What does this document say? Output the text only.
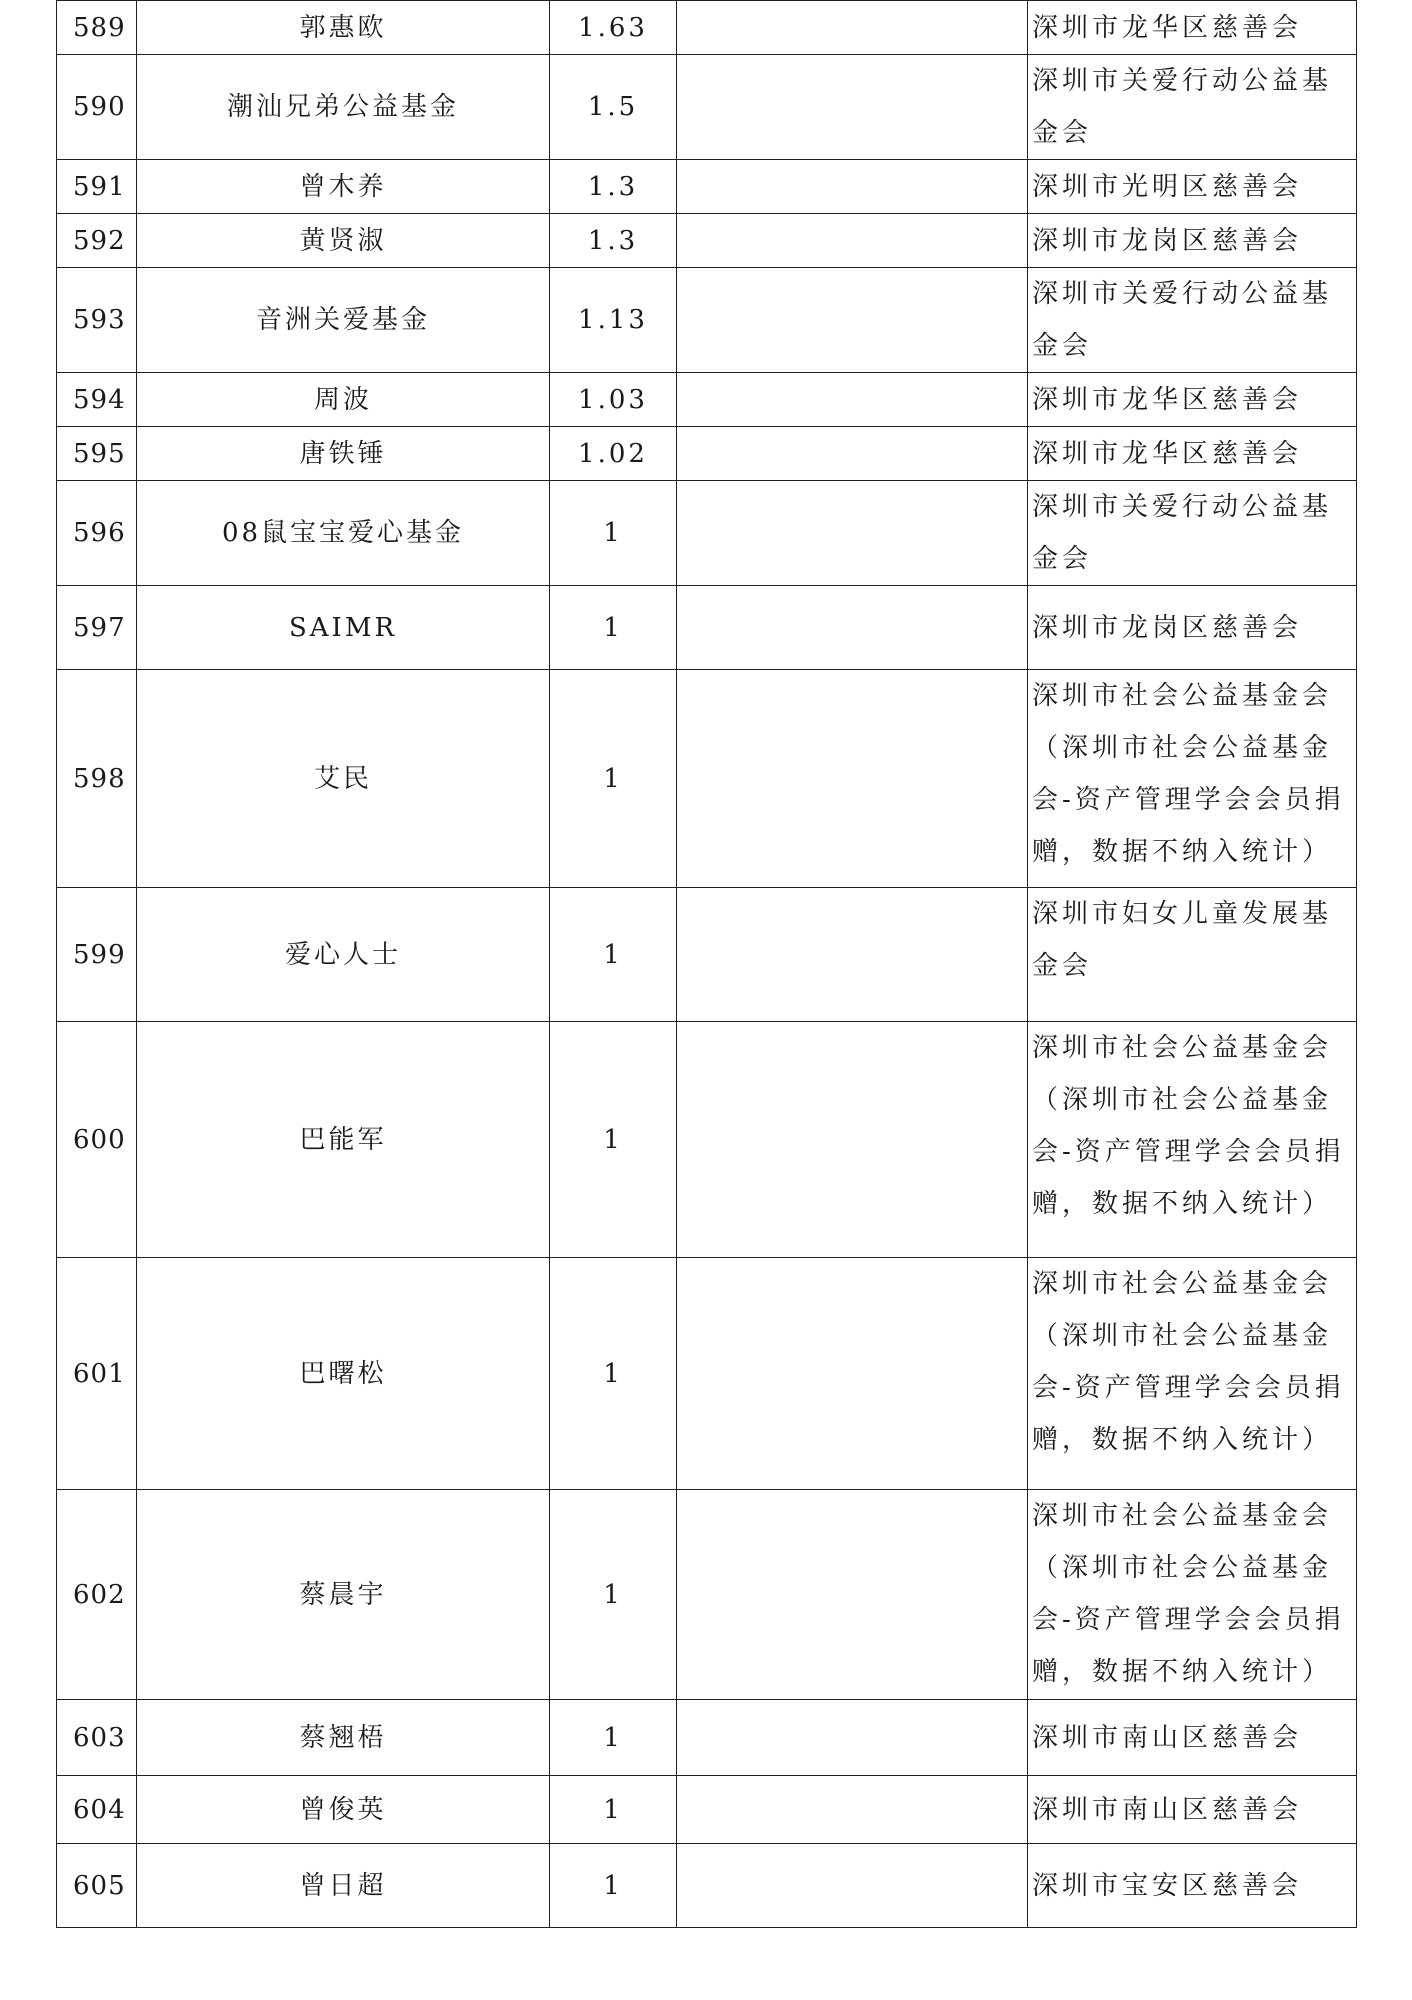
589	郭惠欧	1.63		深圳市龙华区慈善会
590	潮汕兄弟公益基金	1.5		深圳市关爱行动公益基金会
591	曾木养	1.3		深圳市光明区慈善会
592	黄贤淑	1.3		深圳市龙岗区慈善会
593	音洲关爱基金	1.13		深圳市关爱行动公益基金会
594	周波	1.03		深圳市龙华区慈善会
595	唐铁锤	1.02		深圳市龙华区慈善会
596	08鼠宝宝爱心基金	1		深圳市关爱行动公益基金会
597	SAIMR	1		深圳市龙岗区慈善会
598	艾民	1		深圳市社会公益基金会（深圳市社会公益基金会-资产管理学会会员捐赠，数据不纳入统计）
599	爱心人士	1		深圳市妇女儿童发展基金会
600	巴能军	1		深圳市社会公益基金会（深圳市社会公益基金会-资产管理学会会员捐赠，数据不纳入统计）
601	巴曙松	1		深圳市社会公益基金会（深圳市社会公益基金会-资产管理学会会员捐赠，数据不纳入统计）
602	蔡晨宇	1		深圳市社会公益基金会（深圳市社会公益基金会-资产管理学会会员捐赠，数据不纳入统计）
603	蔡翘梧	1		深圳市南山区慈善会
604	曾俊英	1		深圳市南山区慈善会
605	曾日超	1		深圳市宝安区慈善会
